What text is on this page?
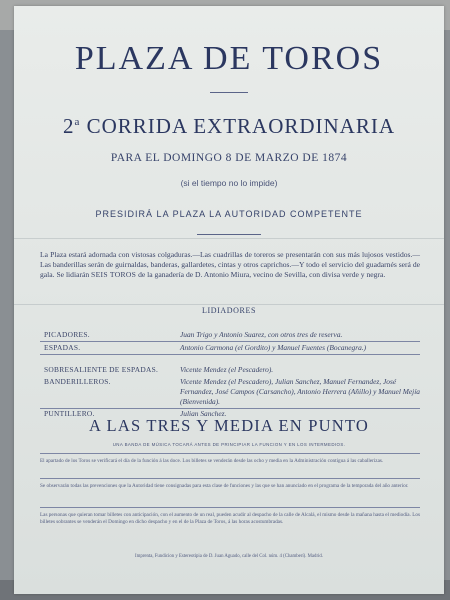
PLAZA DE TOROS
2$^a$ CORRIDA EXTRAORDINARIA
PARA EL DOMINGO 8 DE MARZO DE 1874
(si el tiempo no lo impide)
PRESIDIRÁ LA PLAZA LA AUTORIDAD COMPETENTE
La Plaza estará adornada con vistosas colgaduras.—Las cuadrillas de toreros se presentarán con sus más lujosos vestidos.—Las banderillas serán de guirnaldas, banderas, gallardetes, cintas y otros caprichos.—Y todo el servicio del guadarnés será de gala. Se lidiarán SEIS TOROS de la ganadería de D. Antonio Miura, vecino de Sevilla, con divisa verde y negra.
LIDIADORES
PICADORES.	Juan Trigo y Antonio Suarez, con otros tres de reserva.
ESPADAS.	Antonio Carmona (el Gordito) y Manuel Fuentes (Bocanegra.)
SOBRESALIENTE DE ESPADAS.	Vicente Mendez (el Pescadero).
BANDERILLEROS.	Vicente Mendez (el Pescadero), Julian Sanchez, Manuel Fernandez, José Fernandez, José Campos (Carsancho), Antonio Herrera (Añillo) y Manuel Mejía (Bienvenida).
PUNTILLERO.	Julian Sanchez.
A LAS TRES Y MEDIA EN PUNTO
UNA BANDA DE MÚSICA TOCARÁ ANTES DE PRINCIPIAR LA FUNCION Y EN LOS INTERMEDIOS.
El apartado de los Toros se verificará el día de la función á las doce. Los billetes se venderán desde las ocho y media en la Administración contigua á las caballerizas.
Se observarán todas las prevenciones que la Autoridad tiene consignadas para esta clase de funciones y las que se han anunciado en el programa de la temporada del año anterior.
Las personas que quieran tomar billetes con anticipación, con el aumento de un real, pueden acudir al despacho de la calle de Alcalá, el mismo desde la mañana hasta el mediodía. Los billetes sobrantes se venderán el Domingo en dicho despacho y en el de la Plaza de Toros, á las horas acostumbradas.
Imprenta, Fundicion y Estereotipia de D. Juan Aguado, calle del Col. núm. 4 (Chamberí). Madrid.
